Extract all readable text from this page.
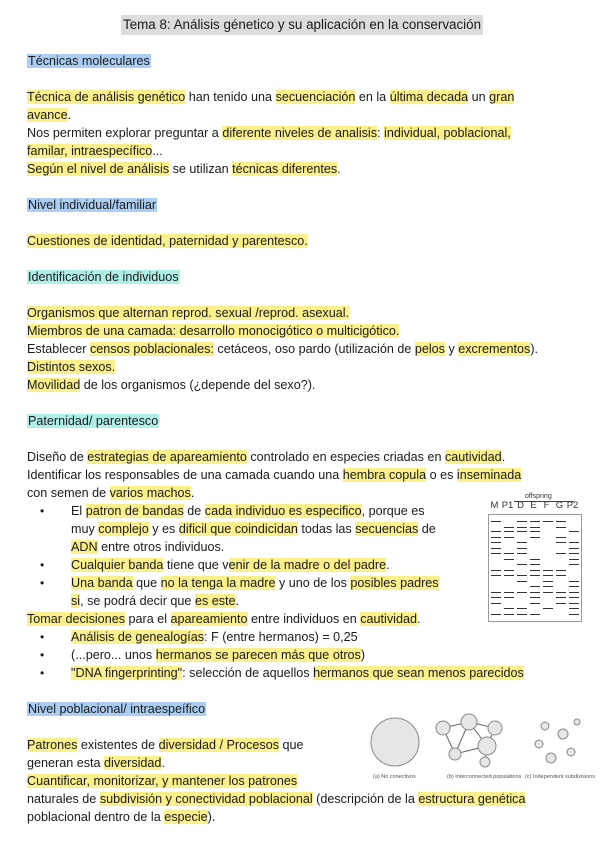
Tema 8: Análisis génetico y su aplicación en la conservación
Técnicas moleculares
Técnica de análisis genético han tenido una secuenciación en la última decada un gran
avance.
Nos permiten explorar preguntar a diferente niveles de analisis: individual, poblacional,
familar, intraespecífico...
Según el nivel de análisis se utilizan técnicas diferentes.
Nivel individual/familiar
Cuestiones de identidad, paternidad y parentesco.
Identificación de individuos
Organismos que alternan reprod. sexual /reprod. asexual.
Miembros de una camada: desarrollo monocigótico o multicigótico.
Establecer censos poblacionales: cetáceos, oso pardo (utilización de pelos y excrementos).
Distintos sexos.
Movilidad de los organismos (¿depende del sexo?).
Paternidad/ parentesco
Diseño de estrategias de apareamiento controlado en especies criadas en cautividad.
Identificar los responsables de una camada cuando una hembra copula o es inseminada
con semen de varios machos.
• El patron de bandas de cada individuo es especifico, porque es
muy complejo y es dificil que coindicidan todas las secuencias de
ADN entre otros individuos.
• Cualquier banda tiene que venir de la madre o del padre.
• Una banda que no la tenga la madre y uno de los posibles padres
si, se podrá decir que es este.
Tomar decisiones para el apareamiento entre individuos en cautividad.
• Análisis de genealogías: F (entre hermanos) = 0,25
• (...pero... unos hermanos se parecen más que otros)
• "DNA fingerprinting": selección de aquellos hermanos que sean menos parecidos
Nivel poblacional/ intraespeífico
Patrones existentes de diversidad / Procesos que
generan esta diversidad.
Cuantificar, monitorizar, y mantener los patrones
naturales de subdivisión y conectividad poblacional (descripción de la estructura genética
poblacional dentro de la especie).
offspring
M P1 D E F G P2
(a) No conectivos	(b) Interconnected populations (c) Independent subdivisions
